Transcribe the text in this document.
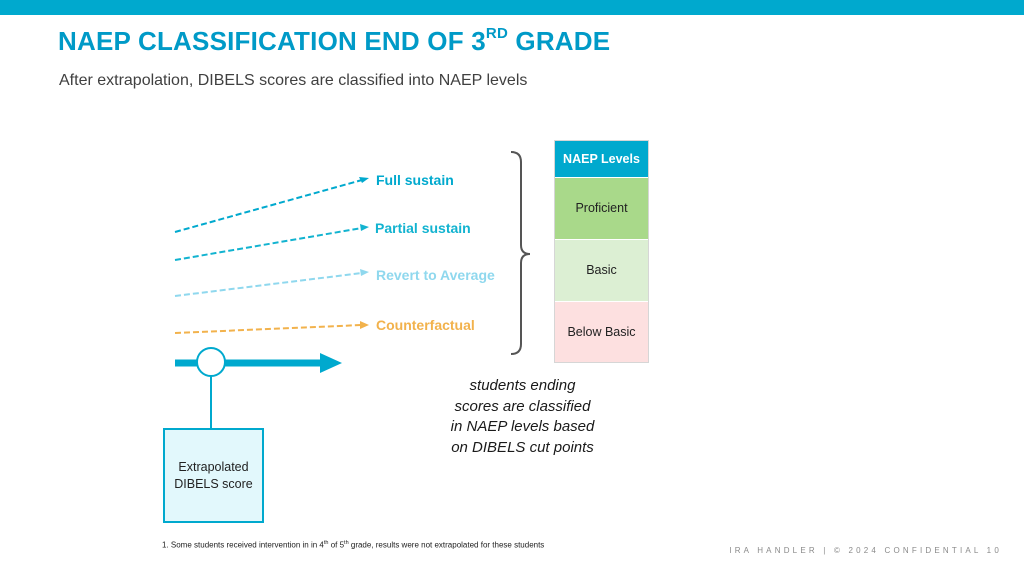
NAEP CLASSIFICATION END OF 3RD GRADE
After extrapolation, DIBELS scores are classified into NAEP levels
Full sustain
Partial sustain
Revert to Average
Counterfactual
NAEP Levels
Proficient
Basic
Below Basic
students ending scores are classified in NAEP levels based on DIBELS cut points
Extrapolated
DIBELS score
1. Some students received intervention in in 4th of 5th grade, results were not extrapolated for these students
IRA HANDLER | © 2024 CONFIDENTIAL 10
